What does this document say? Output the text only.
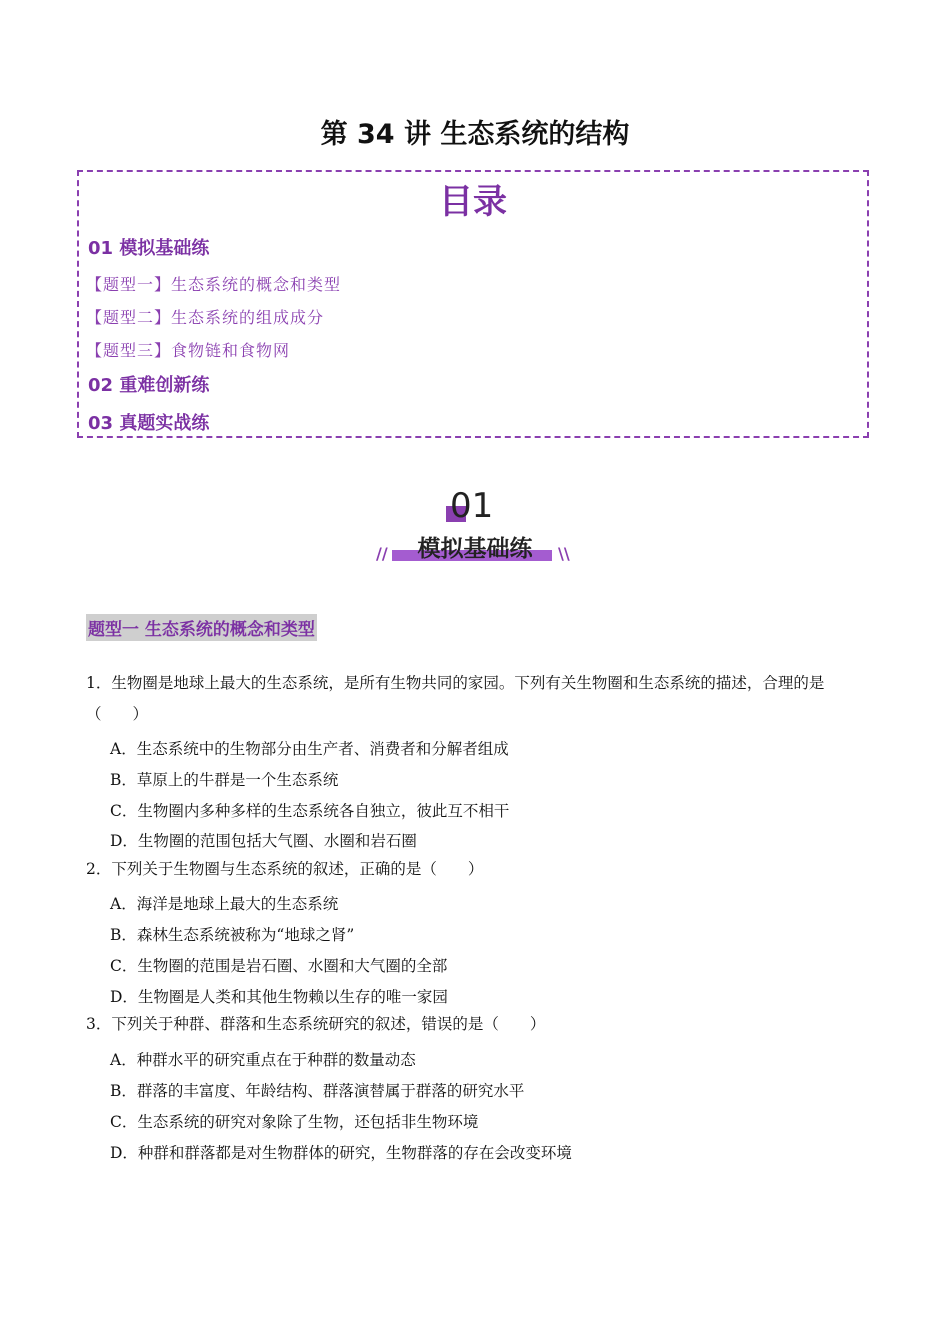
第 34 讲 生态系统的结构
目录
01 模拟基础练
【题型一】生态系统的概念和类型
【题型二】生态系统的组成成分
【题型三】食物链和食物网
02 重难创新练
03 真题实战练
01
//	\\
模拟基础练
题型一 生态系统的概念和类型
1．生物圈是地球上最大的生态系统，是所有生物共同的家园。下列有关生物圈和生态系统的描述，合理的是（　　）
A．生态系统中的生物部分由生产者、消费者和分解者组成
B．草原上的牛群是一个生态系统
C．生物圈内多种多样的生态系统各自独立，彼此互不相干
D．生物圈的范围包括大气圈、水圈和岩石圈
2．下列关于生物圈与生态系统的叙述，正确的是（　　）
A．海洋是地球上最大的生态系统
B．森林生态系统被称为“地球之肾”
C．生物圈的范围是岩石圈、水圈和大气圈的全部
D．生物圈是人类和其他生物赖以生存的唯一家园
3．下列关于种群、群落和生态系统研究的叙述，错误的是（　　）
A．种群水平的研究重点在于种群的数量动态
B．群落的丰富度、年龄结构、群落演替属于群落的研究水平
C．生态系统的研究对象除了生物，还包括非生物环境
D．种群和群落都是对生物群体的研究，生物群落的存在会改变环境
